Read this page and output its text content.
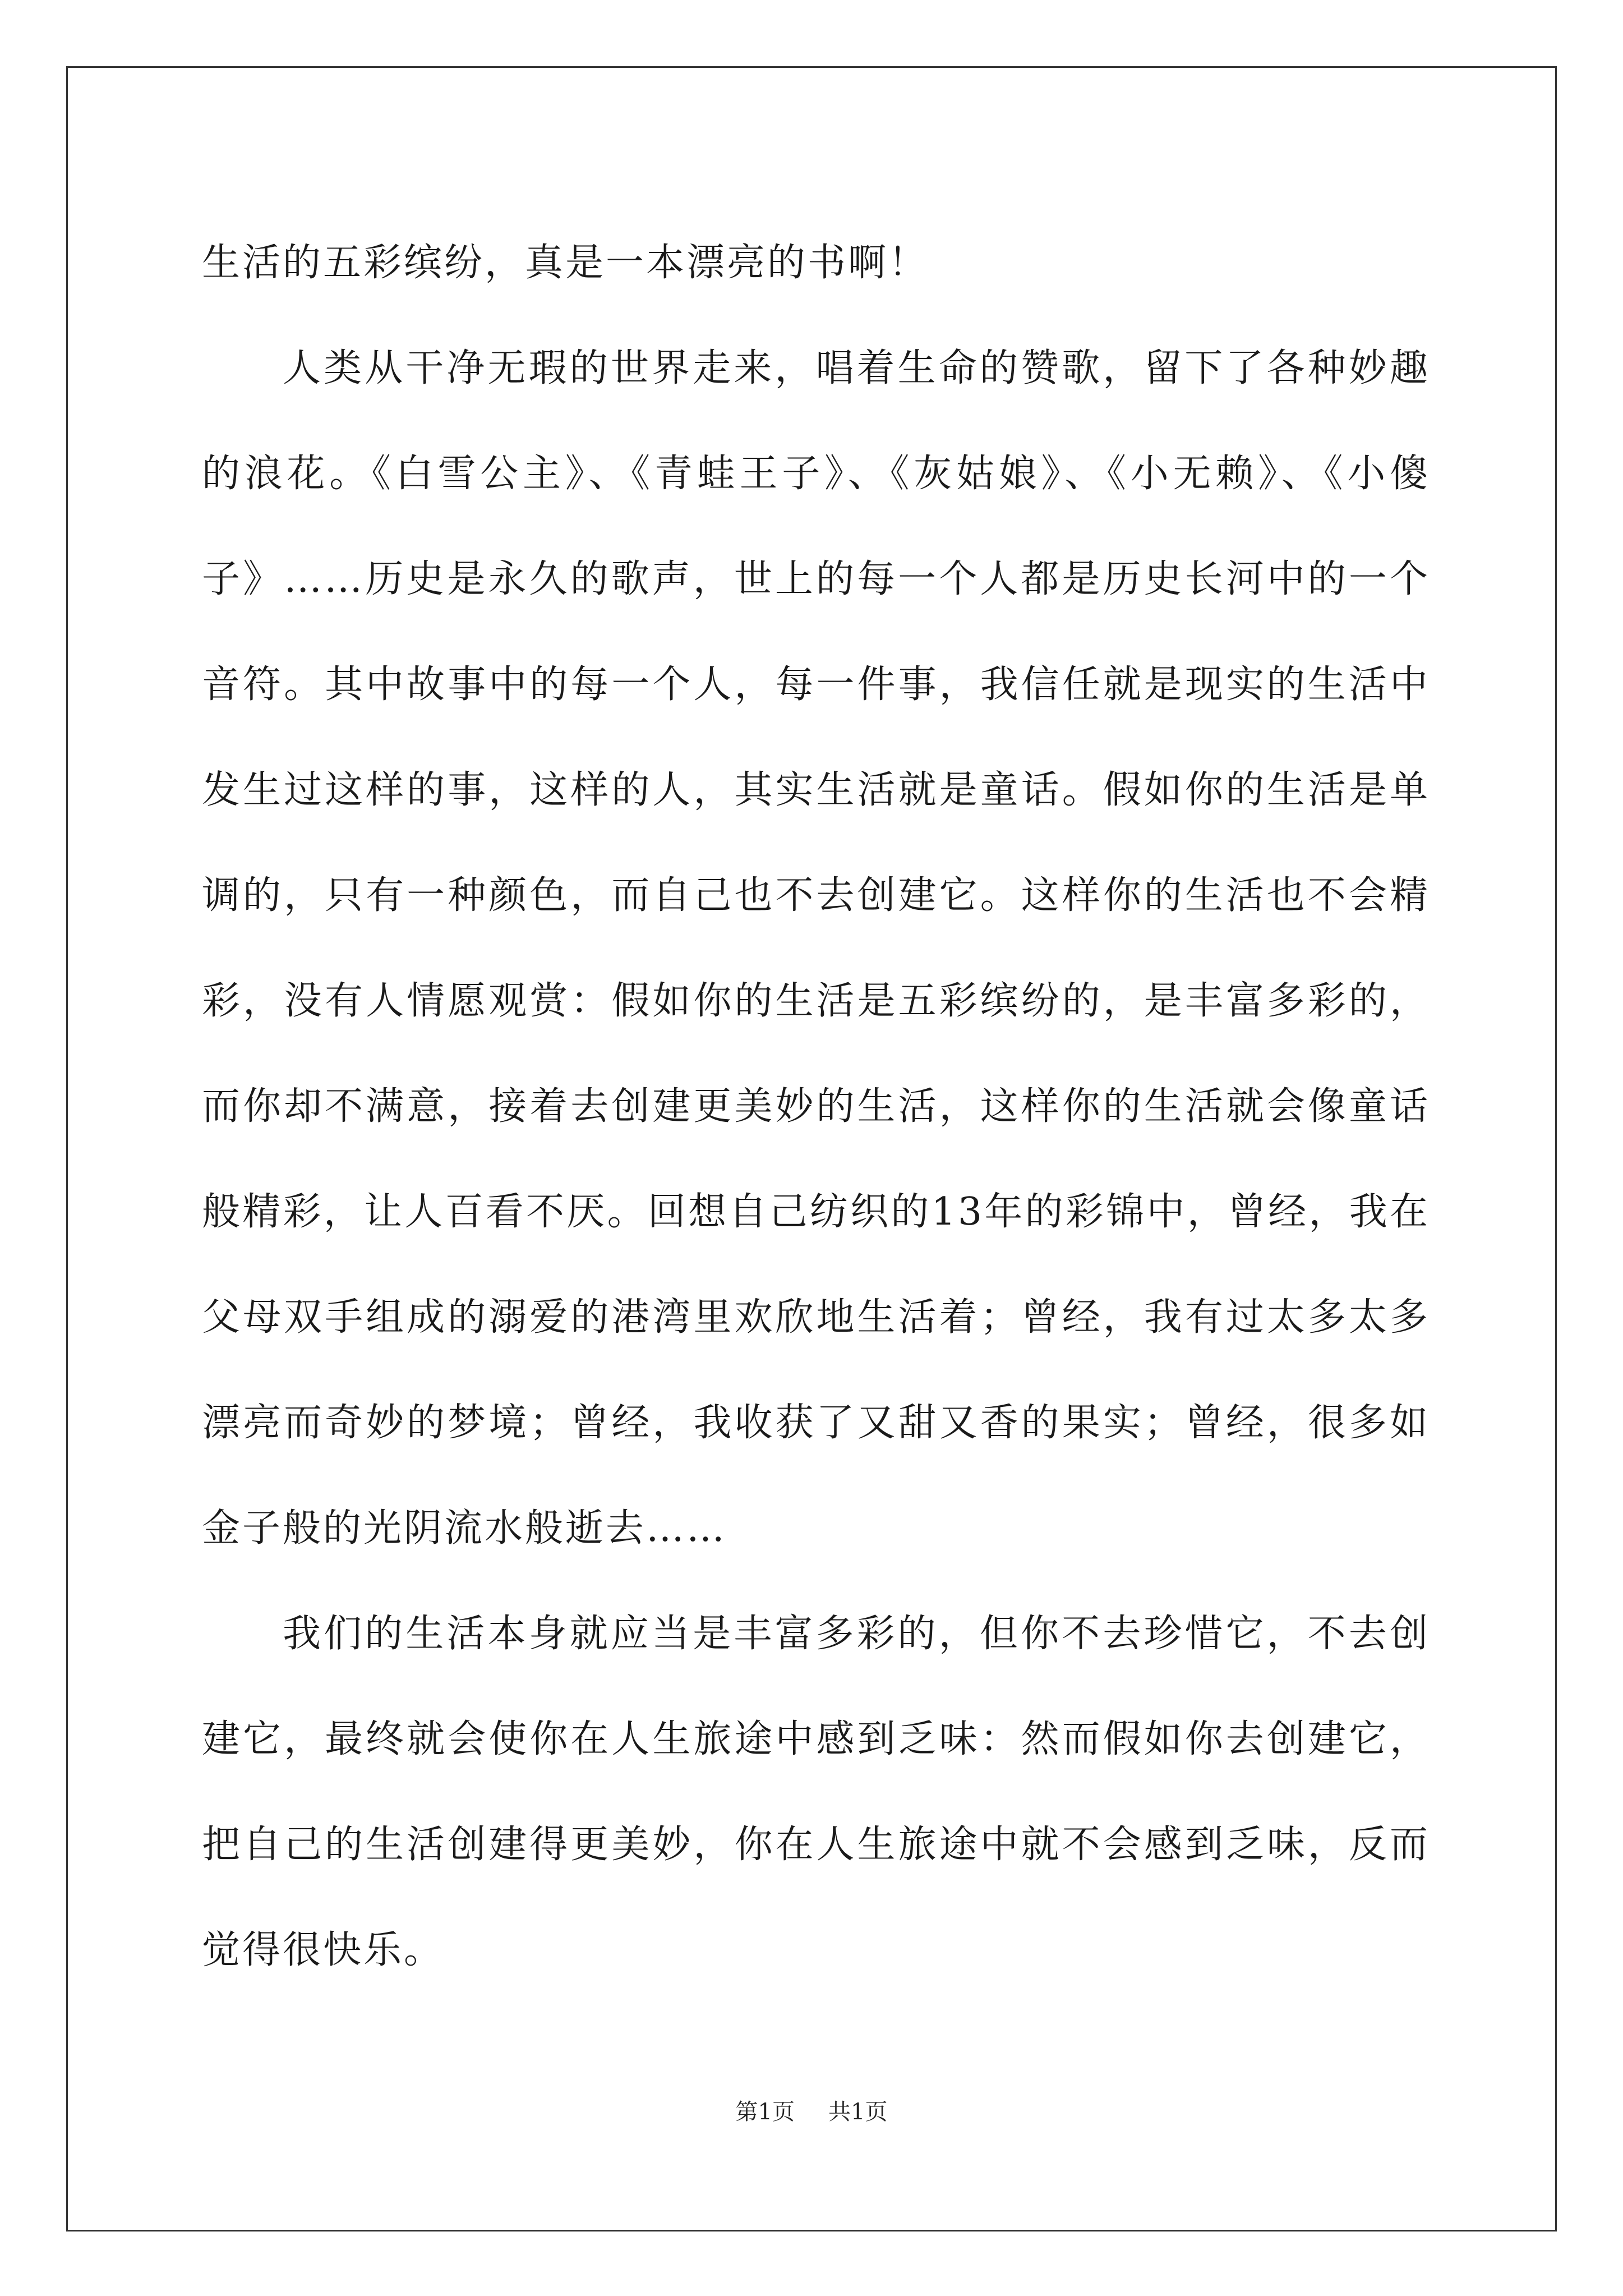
生活的五彩缤纷，真是一本漂亮的书啊！

人类从干净无瑕的世界走来，唱着生命的赞歌，留下了各种妙趣的浪花。《白雪公主》、《青蛙王子》、《灰姑娘》、《小无赖》、《小傻子》……历史是永久的歌声，世上的每一个人都是历史长河中的一个音符。其中故事中的每一个人，每一件事，我信任就是现实的生活中发生过这样的事，这样的人，其实生活就是童话。假如你的生活是单调的，只有一种颜色，而自己也不去创建它。这样你的生活也不会精彩，没有人情愿观赏：假如你的生活是五彩缤纷的，是丰富多彩的，而你却不满意，接着去创建更美妙的生活，这样你的生活就会像童话般精彩，让人百看不厌。回想自己纺织的13年的彩锦中，曾经，我在父母双手组成的溺爱的港湾里欢欣地生活着；曾经，我有过太多太多漂亮而奇妙的梦境；曾经，我收获了又甜又香的果实；曾经，很多如金子般的光阴流水般逝去……

我们的生活本身就应当是丰富多彩的，但你不去珍惜它，不去创建它，最终就会使你在人生旅途中感到乏味：然而假如你去创建它，把自己的生活创建得更美妙，你在人生旅途中就不会感到乏味，反而觉得很快乐。

第1页 共1页
